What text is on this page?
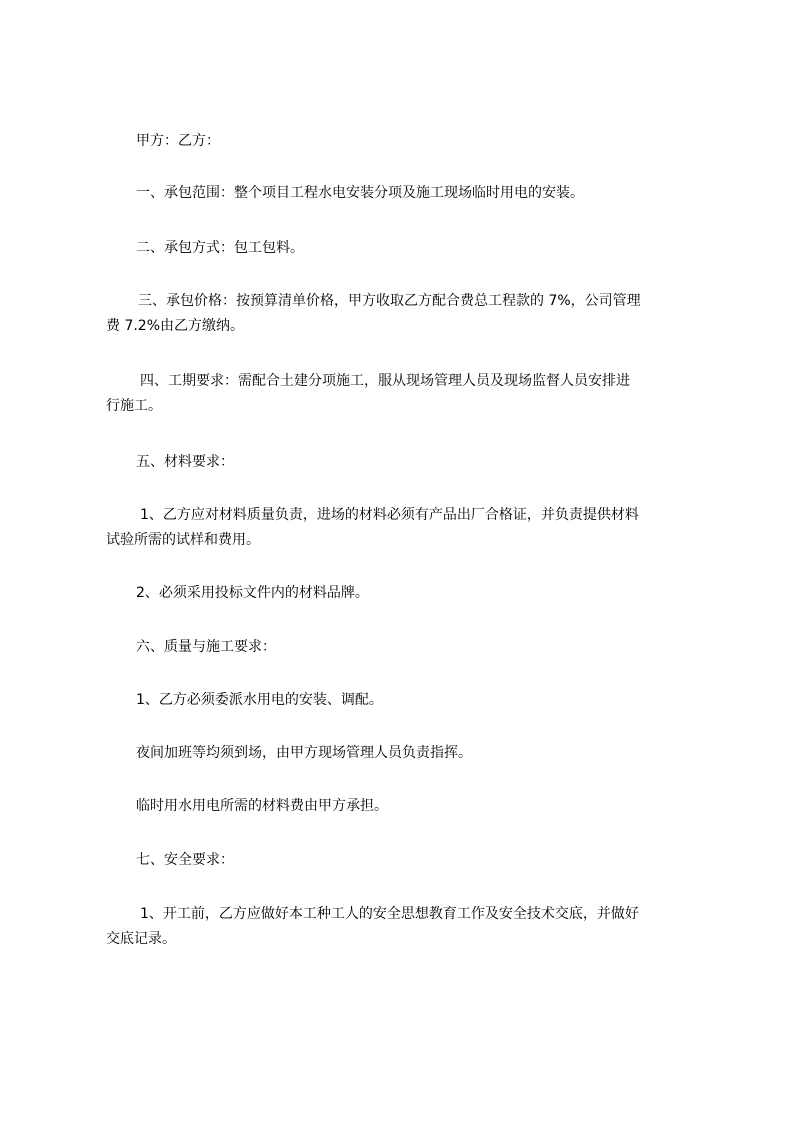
甲方：乙方：

一、承包范围：整个项目工程水电安装分项及施工现场临时用电的安装。

二、承包方式：包工包料。

三、承包价格：按预算清单价格，甲方收取乙方配合费总工程款的 7%，公司管理
费 7.2%由乙方缴纳。

四、工期要求：需配合土建分项施工，服从现场管理人员及现场监督人员安排进
行施工。

五、材料要求：

1、乙方应对材料质量负责，进场的材料必须有产品出厂合格证，并负责提供材料
试验所需的试样和费用。

2、必须采用投标文件内的材料品牌。

六、质量与施工要求：

1、乙方必须委派水用电的安装、调配。

夜间加班等均须到场，由甲方现场管理人员负责指挥。

临时用水用电所需的材料费由甲方承担。

七、安全要求：

1、开工前，乙方应做好本工种工人的安全思想教育工作及安全技术交底，并做好
交底记录。
